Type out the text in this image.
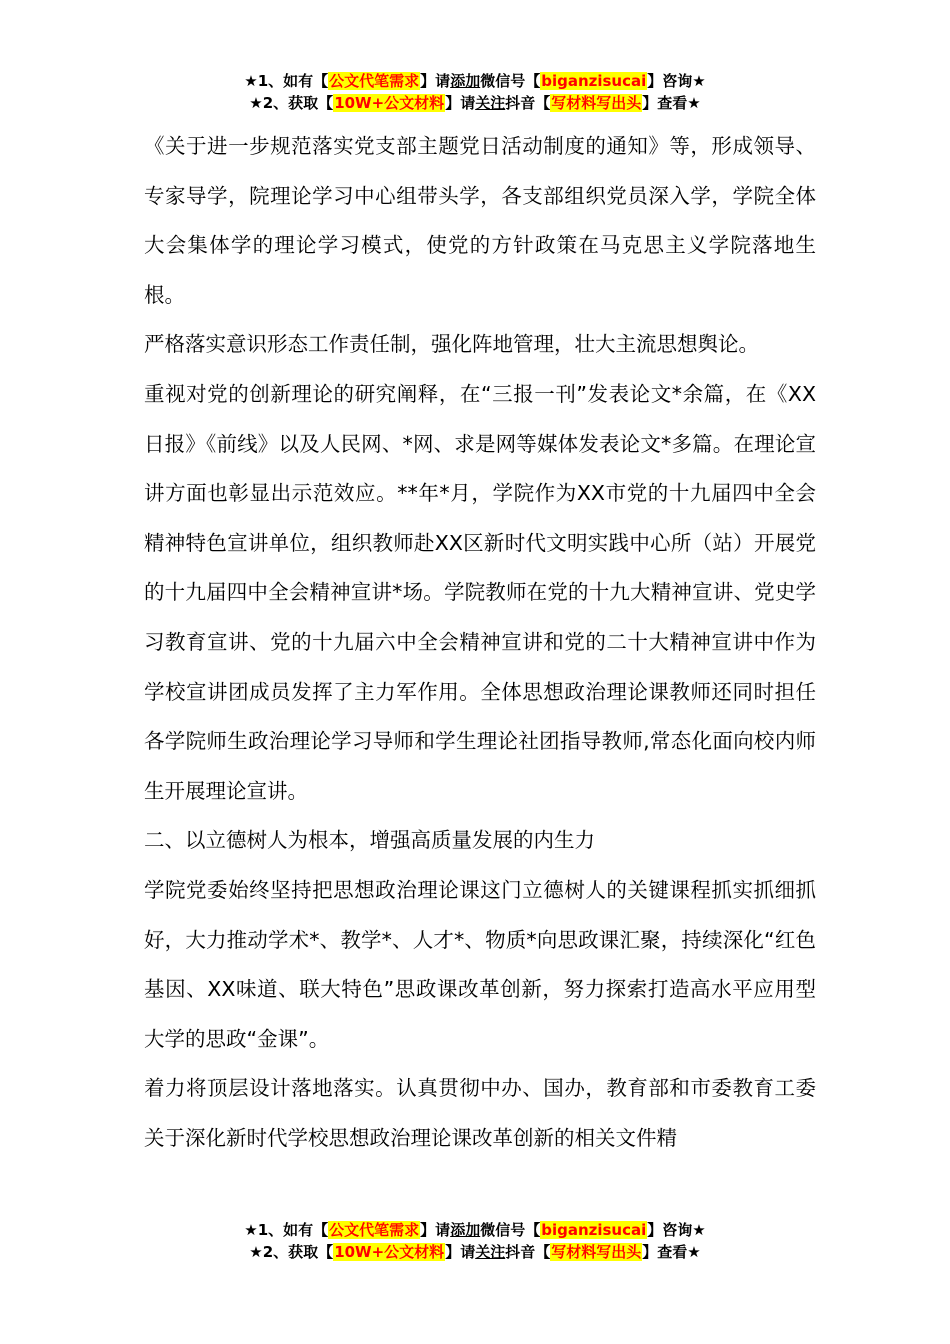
★1、如有【公文代笔需求】请添加微信号【biganzisucai】咨询★
★2、获取【10W+公文材料】请关注抖音【写材料写出头】查看★

《关于进一步规范落实党支部主题党日活动制度的通知》等，形成领导、专家导学，院理论学习中心组带头学，各支部组织党员深入学，学院全体大会集体学的理论学习模式，使党的方针政策在马克思主义学院落地生根。

严格落实意识形态工作责任制，强化阵地管理，壮大主流思想舆论。

重视对党的创新理论的研究阐释，在“三报一刊”发表论文*余篇，在《XX日报》《前线》以及人民网、*网、求是网等媒体发表论文*多篇。在理论宣讲方面也彰显出示范效应。**年*月，学院作为XX市党的十九届四中全会精神特色宣讲单位，组织教师赴XX区新时代文明实践中心所（站）开展党的十九届四中全会精神宣讲*场。学院教师在党的十九大精神宣讲、党史学习教育宣讲、党的十九届六中全会精神宣讲和党的二十大精神宣讲中作为学校宣讲团成员发挥了主力军作用。全体思想政治理论课教师还同时担任各学院师生政治理论学习导师和学生理论社团指导教师,常态化面向校内师生开展理论宣讲。

二、以立德树人为根本，增强高质量发展的内生力

学院党委始终坚持把思想政治理论课这门立德树人的关键课程抓实抓细抓好，大力推动学术*、教学*、人才*、物质*向思政课汇聚，持续深化“红色基因、XX味道、联大特色”思政课改革创新，努力探索打造高水平应用型大学的思政“金课”。

着力将顶层设计落地落实。认真贯彻中办、国办，教育部和市委教育工委关于深化新时代学校思想政治理论课改革创新的相关文件精

★1、如有【公文代笔需求】请添加微信号【biganzisucai】咨询★
★2、获取【10W+公文材料】请关注抖音【写材料写出头】查看★
